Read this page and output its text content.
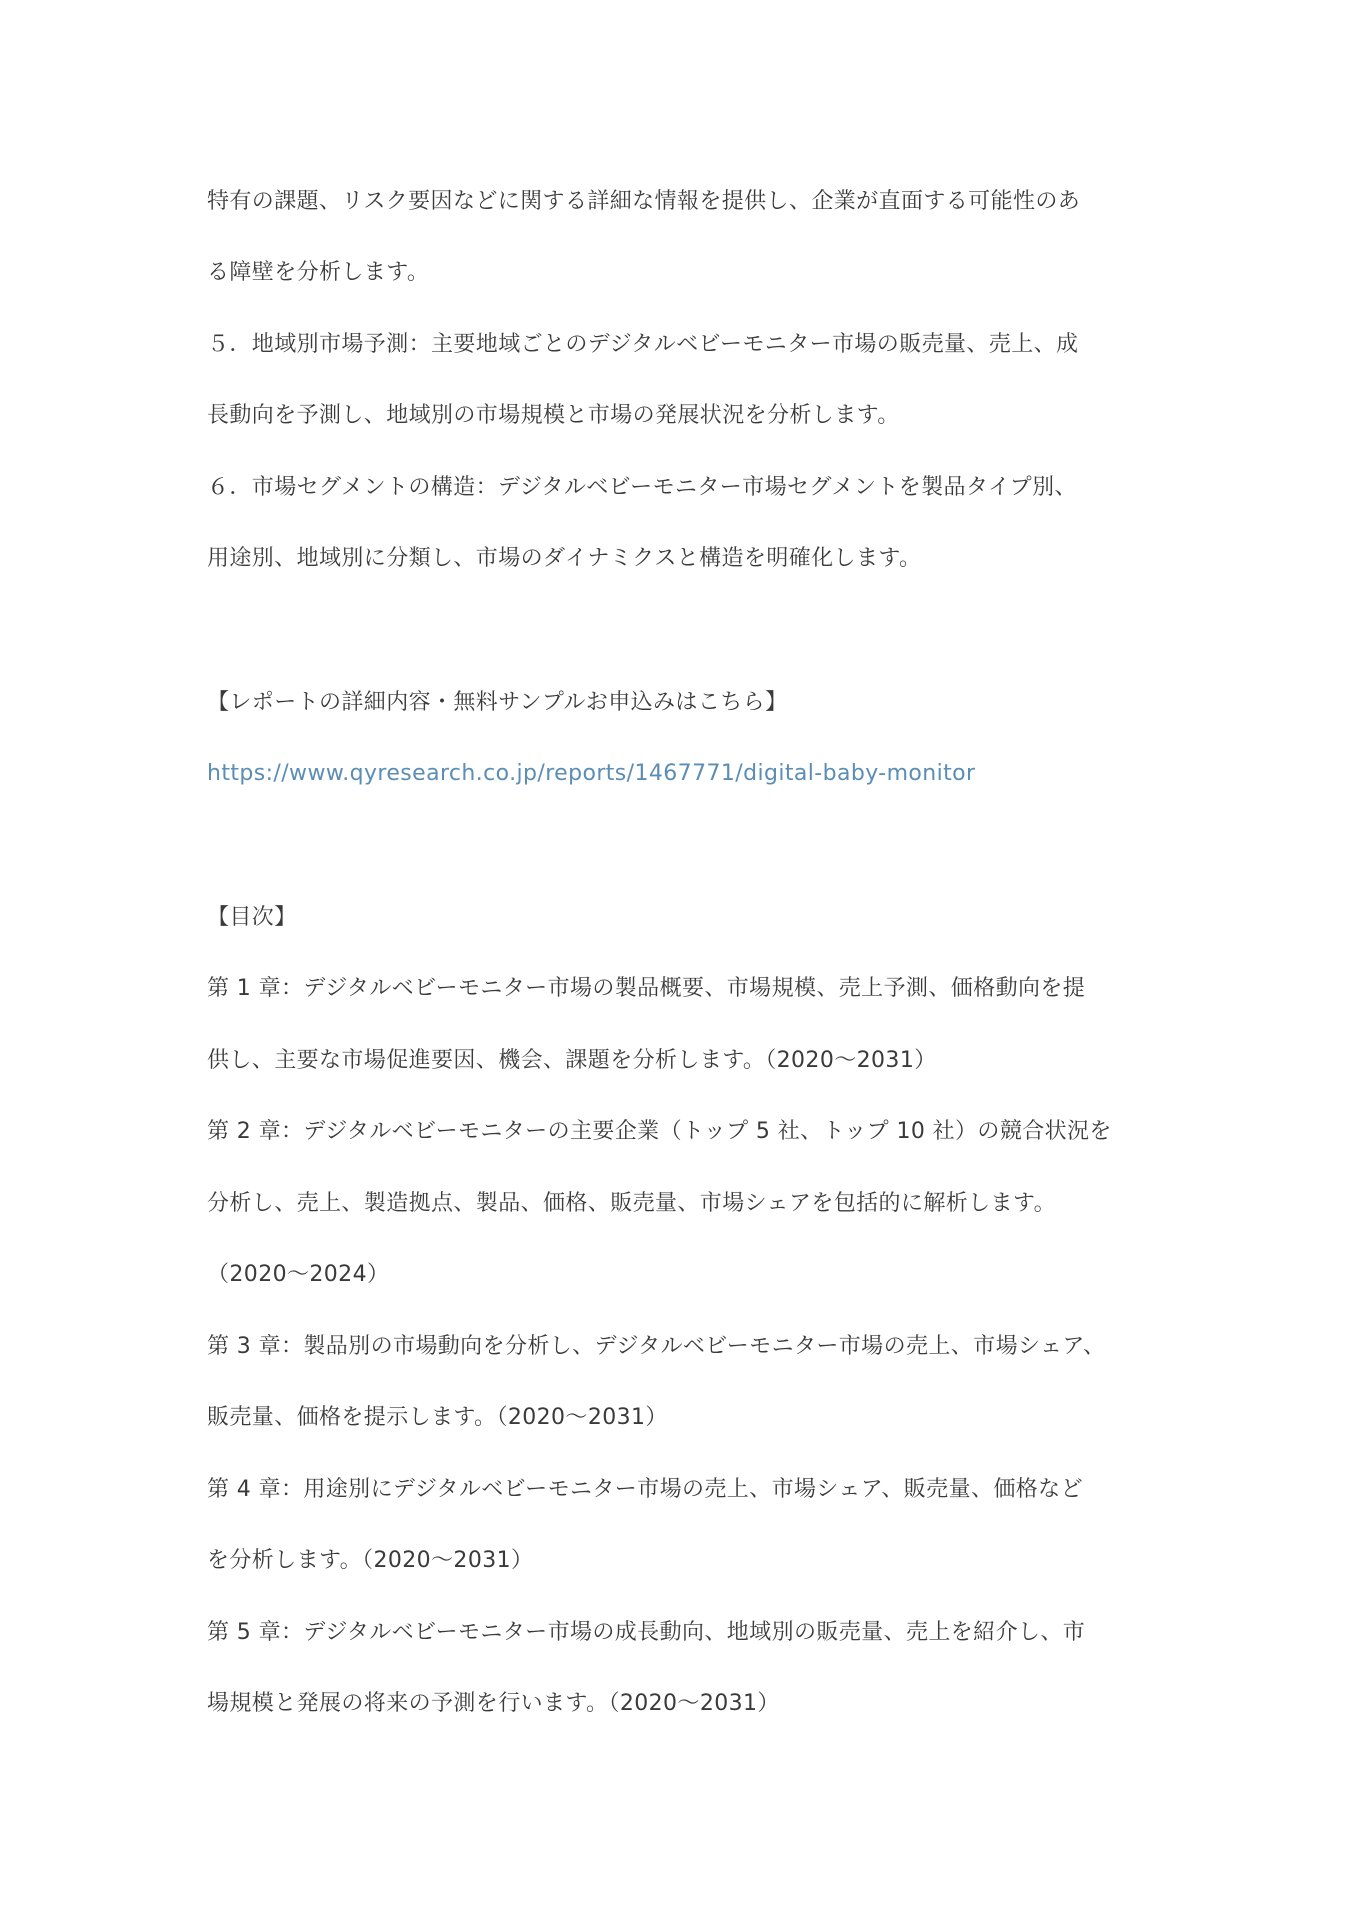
特有の課題、リスク要因などに関する詳細な情報を提供し、企業が直面する可能性のあ
る障壁を分析します。
５．地域別市場予測：主要地域ごとのデジタルベビーモニター市場の販売量、売上、成
長動向を予測し、地域別の市場規模と市場の発展状況を分析します。
６．市場セグメントの構造：デジタルベビーモニター市場セグメントを製品タイプ別、
用途別、地域別に分類し、市場のダイナミクスと構造を明確化します。
【レポートの詳細内容・無料サンプルお申込みはこちら】
https://www.qyresearch.co.jp/reports/1467771/digital-baby-monitor
【目次】
第 1 章：デジタルベビーモニター市場の製品概要、市場規模、売上予測、価格動向を提
供し、主要な市場促進要因、機会、課題を分析します。（2020～2031）
第 2 章：デジタルベビーモニターの主要企業（トップ 5 社、トップ 10 社）の競合状況を
分析し、売上、製造拠点、製品、価格、販売量、市場シェアを包括的に解析します。
（2020～2024）
第 3 章：製品別の市場動向を分析し、デジタルベビーモニター市場の売上、市場シェア、
販売量、価格を提示します。（2020～2031）
第 4 章：用途別にデジタルベビーモニター市場の売上、市場シェア、販売量、価格など
を分析します。（2020～2031）
第 5 章：デジタルベビーモニター市場の成長動向、地域別の販売量、売上を紹介し、市
場規模と発展の将来の予測を行います。（2020～2031）
